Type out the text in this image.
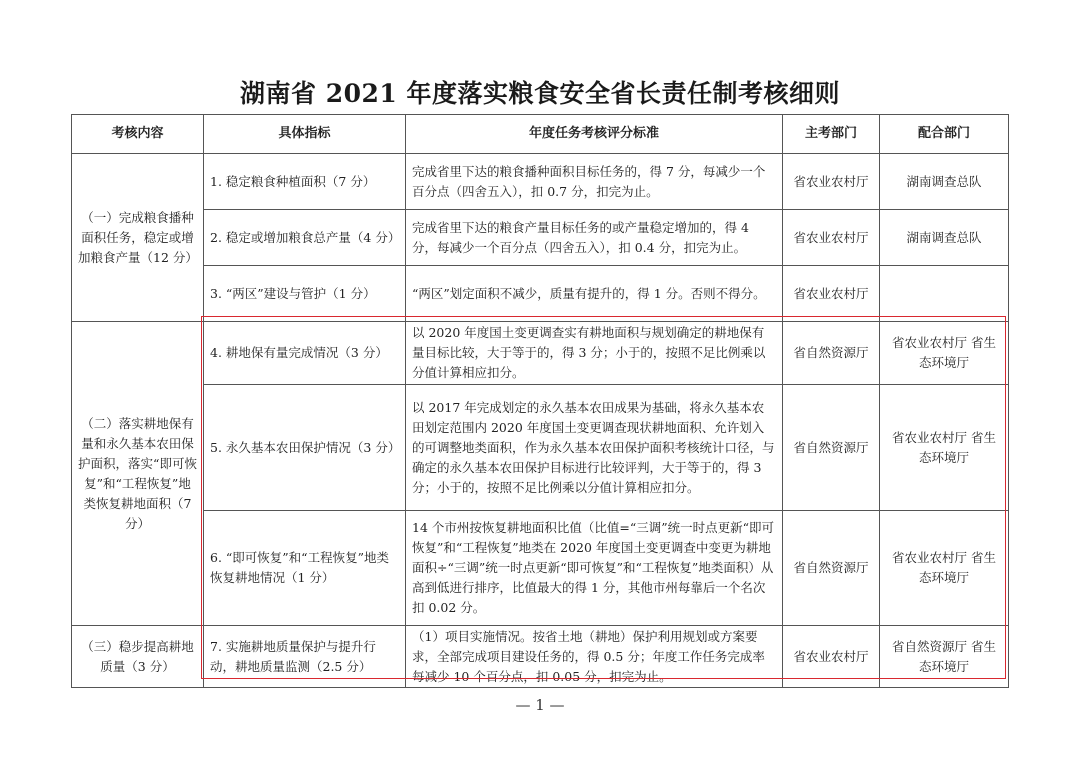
湖南省 2021 年度落实粮食安全省长责任制考核细则
考核内容	具体指标	年度任务考核评分标准	主考部门	配合部门
（一）完成粮食播种面积任务，稳定或增加粮食产量（12 分）	1. 稳定粮食种植面积（7 分）	完成省里下达的粮食播种面积目标任务的，得 7 分，每减少一个百分点（四舍五入），扣 0.7 分，扣完为止。	省农业农村厅	湖南调查总队
	2. 稳定或增加粮食总产量（4 分）	完成省里下达的粮食产量目标任务的或产量稳定增加的，得 4 分，每减少一个百分点（四舍五入），扣 0.4 分，扣完为止。	省农业农村厅	湖南调查总队
	3. “两区”建设与管护（1 分）	“两区”划定面积不减少，质量有提升的，得 1 分。否则不得分。	省农业农村厅	
（二）落实耕地保有量和永久基本农田保护面积，落实“即可恢复”和“工程恢复”地类恢复耕地面积（7 分）	4. 耕地保有量完成情况（3 分）	以 2020 年度国土变更调查实有耕地面积与规划确定的耕地保有量目标比较，大于等于的，得 3 分；小于的，按照不足比例乘以分值计算相应扣分。	省自然资源厅	省农业农村厅 省生态环境厅
	5. 永久基本农田保护情况（3 分）	以 2017 年完成划定的永久基本农田成果为基础，将永久基本农田划定范围内 2020 年度国土变更调查现状耕地面积、允许划入的可调整地类面积，作为永久基本农田保护面积考核统计口径，与确定的永久基本农田保护目标进行比较评判，大于等于的，得 3 分；小于的，按照不足比例乘以分值计算相应扣分。	省自然资源厅	省农业农村厅 省生态环境厅
	6. “即可恢复”和“工程恢复”地类恢复耕地情况（1 分）	14 个市州按恢复耕地面积比值（比值=“三调”统一时点更新“即可恢复”和“工程恢复”地类在 2020 年度国土变更调查中变更为耕地面积÷“三调”统一时点更新“即可恢复”和“工程恢复”地类面积）从高到低进行排序，比值最大的得 1 分，其他市州每靠后一个名次扣 0.02 分。	省自然资源厅	省农业农村厅 省生态环境厅
（三）稳步提高耕地质量（3 分）	7. 实施耕地质量保护与提升行动，耕地质量监测（2.5 分）	（1）项目实施情况。按省土地（耕地）保护利用规划或方案要求，全部完成项目建设任务的，得 0.5 分；年度工作任务完成率每减少 10 个百分点，扣 0.05 分，扣完为止。	省农业农村厅	省自然资源厅 省生态环境厅
— 1 —
